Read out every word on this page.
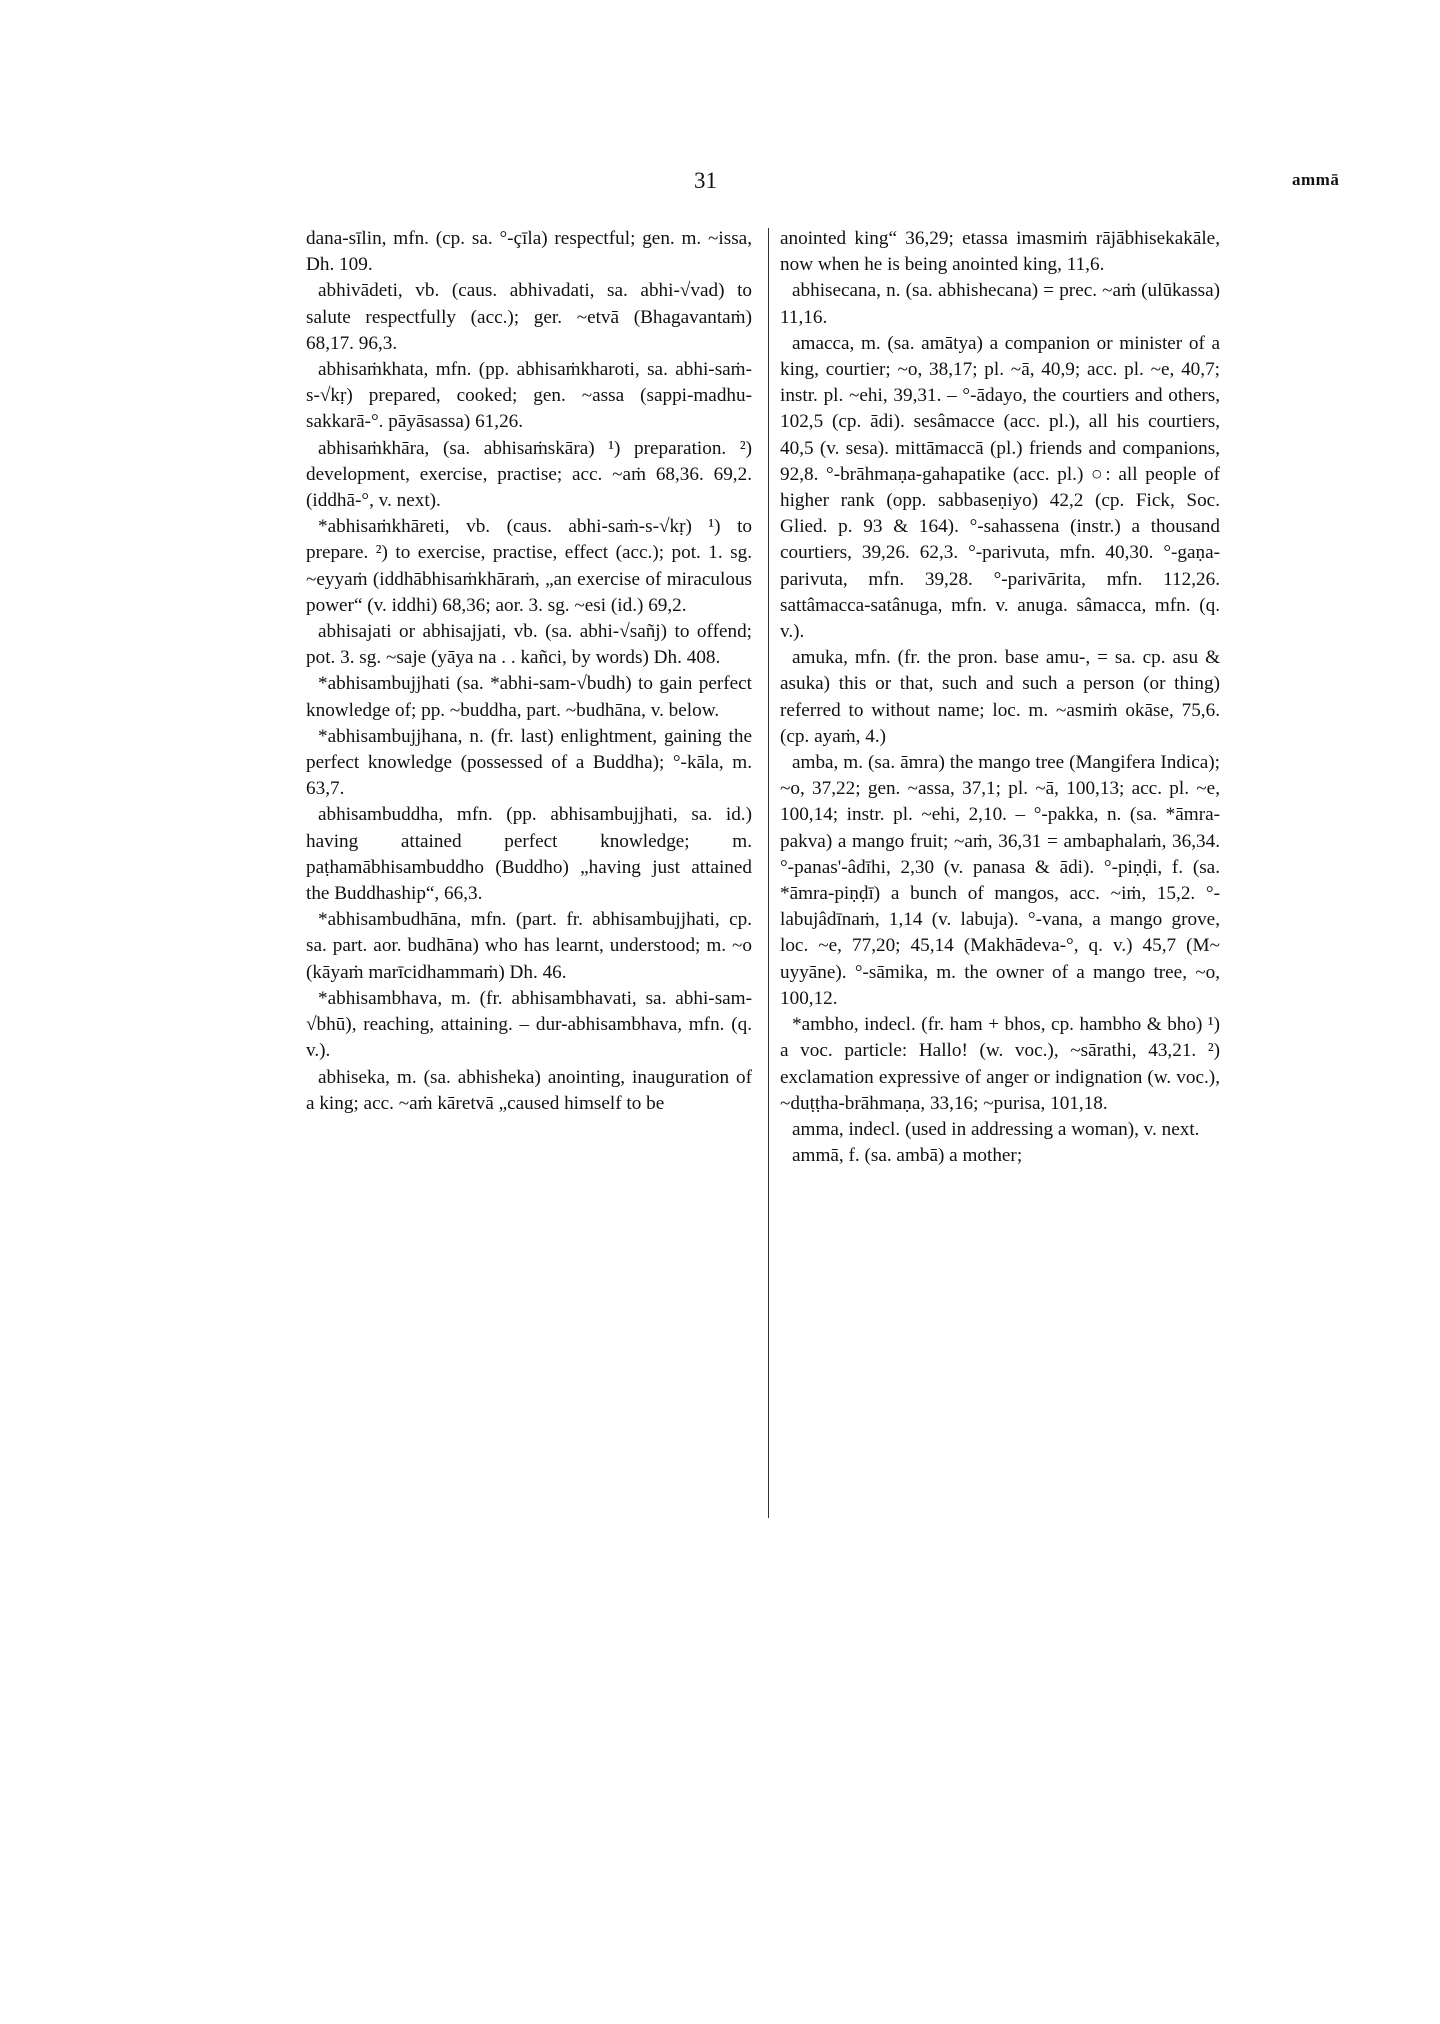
31	ammā

dana-sīlin, mfn. (cp. sa. °-çīla) respectful; gen. m. ~issa, Dh. 109.

abhivādeti, vb. (caus. abhivadati, sa. abhi-√vad) to salute respectfully (acc.); ger. ~etvā (Bhagavantaṁ) 68,17. 96,3.

abhisaṁkhata, mfn. (pp. abhisaṁkharoti, sa. abhi-saṁ-s-√kṛ) prepared, cooked; gen. ~assa (sappi-madhu-sakkarā-°. pāyāsassa) 61,26.

abhisaṁkhāra, (sa. abhisaṁskāra) ¹) preparation. ²) development, exercise, practise; acc. ~aṁ 68,36. 69,2. (iddhā-°, v. next).

*abhisaṁkhāreti, vb. (caus. abhi-saṁ-s-√kṛ) ¹) to prepare. ²) to exercise, practise, effect (acc.); pot. 1. sg. ~eyyaṁ (iddhābhisaṁkhāraṁ, „an exercise of miraculous power“ (v. iddhi) 68,36; aor. 3. sg. ~esi (id.) 69,2.

abhisajati or abhisajjati, vb. (sa. abhi-√sañj) to offend; pot. 3. sg. ~saje (yāya na . . kañci, by words) Dh. 408.

*abhisambujjhati (sa. *abhi-sam-√budh) to gain perfect knowledge of; pp. ~buddha, part. ~budhāna, v. below.

*abhisambujjhana, n. (fr. last) enlightment, gaining the perfect knowledge (possessed of a Buddha); °-kāla, m. 63,7.

abhisambuddha, mfn. (pp. abhisambujjhati, sa. id.) having attained perfect knowledge; m. paṭhamābhisambuddho (Buddho) „having just attained the Buddhaship“, 66,3.

*abhisambudhāna, mfn. (part. fr. abhisambujjhati, cp. sa. part. aor. budhāna) who has learnt, understood; m. ~o (kāyaṁ marīcidhammaṁ) Dh. 46.

*abhisambhava, m. (fr. abhisambhavati, sa. abhi-sam-√bhū), reaching, attaining. – dur-abhisambhava, mfn. (q. v.).

abhiseka, m. (sa. abhisheka) anointing, inauguration of a king; acc. ~aṁ kāretvā „caused himself to be

anointed king“ 36,29; etassa imasmiṁ rājābhisekakāle, now when he is being anointed king, 11,6.

abhisecana, n. (sa. abhishecana) = prec. ~aṁ (ulūkassa) 11,16.

amacca, m. (sa. amātya) a companion or minister of a king, courtier; ~o, 38,17; pl. ~ā, 40,9; acc. pl. ~e, 40,7; instr. pl. ~ehi, 39,31. – °-ādayo, the courtiers and others, 102,5 (cp. ādi). sesâmacce (acc. pl.), all his courtiers, 40,5 (v. sesa). mittāmaccā (pl.) friends and companions, 92,8. °-brāhmaṇa-gahapatike (acc. pl.) ○: all people of higher rank (opp. sabbaseṇiyo) 42,2 (cp. Fick, Soc. Glied. p. 93 & 164). °-sahassena (instr.) a thousand courtiers, 39,26. 62,3. °-parivuta, mfn. 40,30. °-gaṇa-parivuta, mfn. 39,28. °-parivārita, mfn. 112,26. sattâmacca-satânuga, mfn. v. anuga. sâmacca, mfn. (q. v.).

amuka, mfn. (fr. the pron. base amu-, = sa. cp. asu & asuka) this or that, such and such a person (or thing) referred to without name; loc. m. ~asmiṁ okāse, 75,6. (cp. ayaṁ, 4.)

amba, m. (sa. āmra) the mango tree (Mangifera Indica); ~o, 37,22; gen. ~assa, 37,1; pl. ~ā, 100,13; acc. pl. ~e, 100,14; instr. pl. ~ehi, 2,10. – °-pakka, n. (sa. *āmra-pakva) a mango fruit; ~aṁ, 36,31 = ambaphalaṁ, 36,34. °-panas'-âdīhi, 2,30 (v. panasa & ādi). °-piṇḍi, f. (sa. *āmra-piṇḍī) a bunch of mangos, acc. ~iṁ, 15,2. °-labujâdīnaṁ, 1,14 (v. labuja). °-vana, a mango grove, loc. ~e, 77,20; 45,14 (Makhādeva-°, q. v.) 45,7 (M~ uyyāne). °-sāmika, m. the owner of a mango tree, ~o, 100,12.

*ambho, indecl. (fr. ham + bhos, cp. hambho & bho) ¹) a voc. particle: Hallo! (w. voc.), ~sārathi, 43,21. ²) exclamation expressive of anger or indignation (w. voc.), ~duṭṭha-brāhmaṇa, 33,16; ~purisa, 101,18.

amma, indecl. (used in addressing a woman), v. next.

ammā, f. (sa. ambā) a mother;
